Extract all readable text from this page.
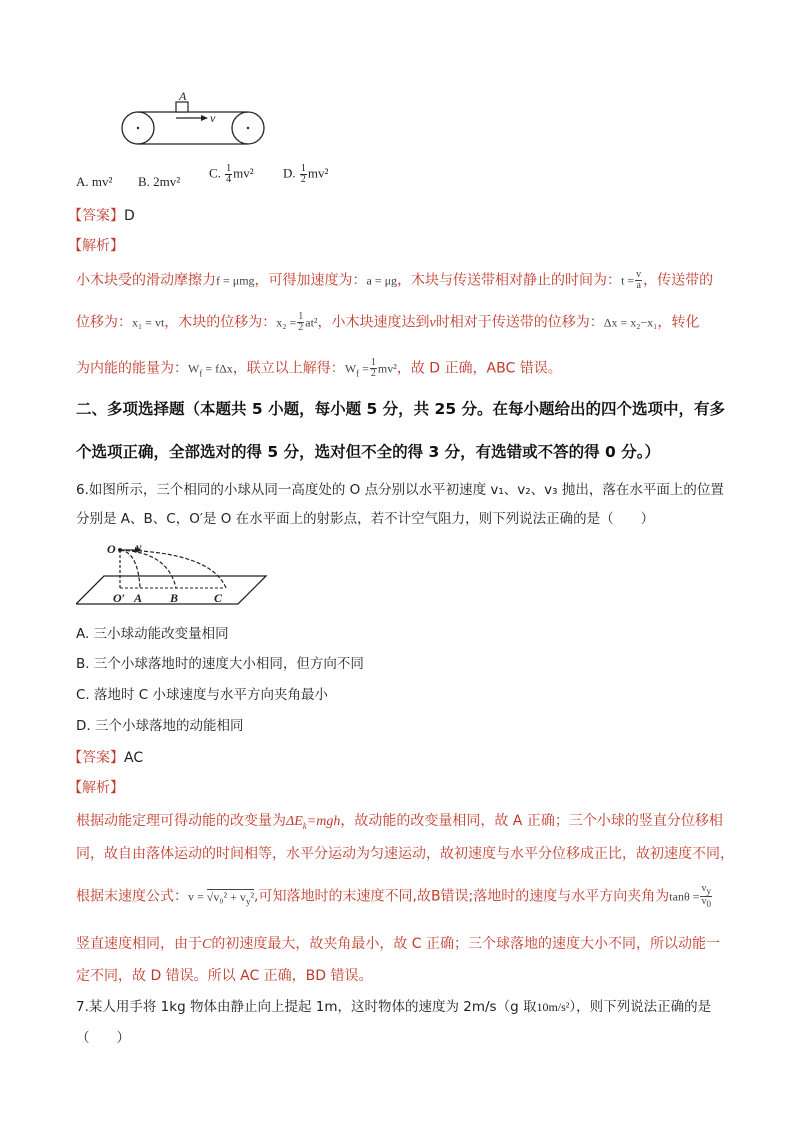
A
v
A. mv² B. 2mv²
C. $\frac{1}{4} mv^2$ D. $\frac{1}{2} mv^2$
【答案】D
【解析】
小木块受的滑动摩擦力f = μmg，可得加速度为：a = μg，木块与传送带相对静止的时间为：$t = \frac{v}{a}$ ，传送带的
位移为：x₁ = vt，木块的位移为：$x_2 = \frac{1}{2} at^2$，小木块速度达到v时相对于传送带的位移为：Δx = x₂−x₁，转化
为内能的能量为：$W_f = f\Delta x$，联立以上解得：$W_f = \frac{1}{2} mv^2$，故 D 正确，ABC 错误。
二、多项选择题（本题共 5 小题，每小题 5 分，共 25 分。在每小题给出的四个选项中，有多
个选项正确，全部选对的得 5 分，选对但不全的得 3 分，有选错或不答的得 0 分。）
6.如图所示，三个相同的小球从同一高度处的 O 点分别以水平初速度 v₁、v₂、v₃ 抛出，落在水平面上的位置
分别是 A、B、C，O′是 O 在水平面上的射影点，若不计空气阻力，则下列说法正确的是（　　）
O v
O′ A B	C
A. 三小球动能改变量相同
B. 三个小球落地时的速度大小相同，但方向不同
C. 落地时 C 小球速度与水平方向夹角最小
D. 三个小球落地的动能相同
【答案】AC
【解析】
根据动能定理可得动能的改变量为$\Delta E_k=mgh$，故动能的改变量相同，故 A 正确；三个小球的竖直分位移相
同，故自由落体运动的时间相等，水平分运动为匀速运动，故初速度与水平分位移成正比，故初速度不同，
根据末速度公式：$v = √v_0^2 + v_y^2$,可知落地时的末速度不同,故B错误;落地时的速度与水平方向夹角为$\tan\theta = \frac{v_y}{v_0}$
竖直速度相同，由于C的初速度最大，故夹角最小，故 C 正确；三个球落地的速度大小不同，所以动能一
定不同，故 D 错误。所以 AC 正确，BD 错误。
7.某人用手将 1kg 物体由静止向上提起 1m，这时物体的速度为 2m/s（g 取10m/s²），则下列说法正确的是
（　　）
